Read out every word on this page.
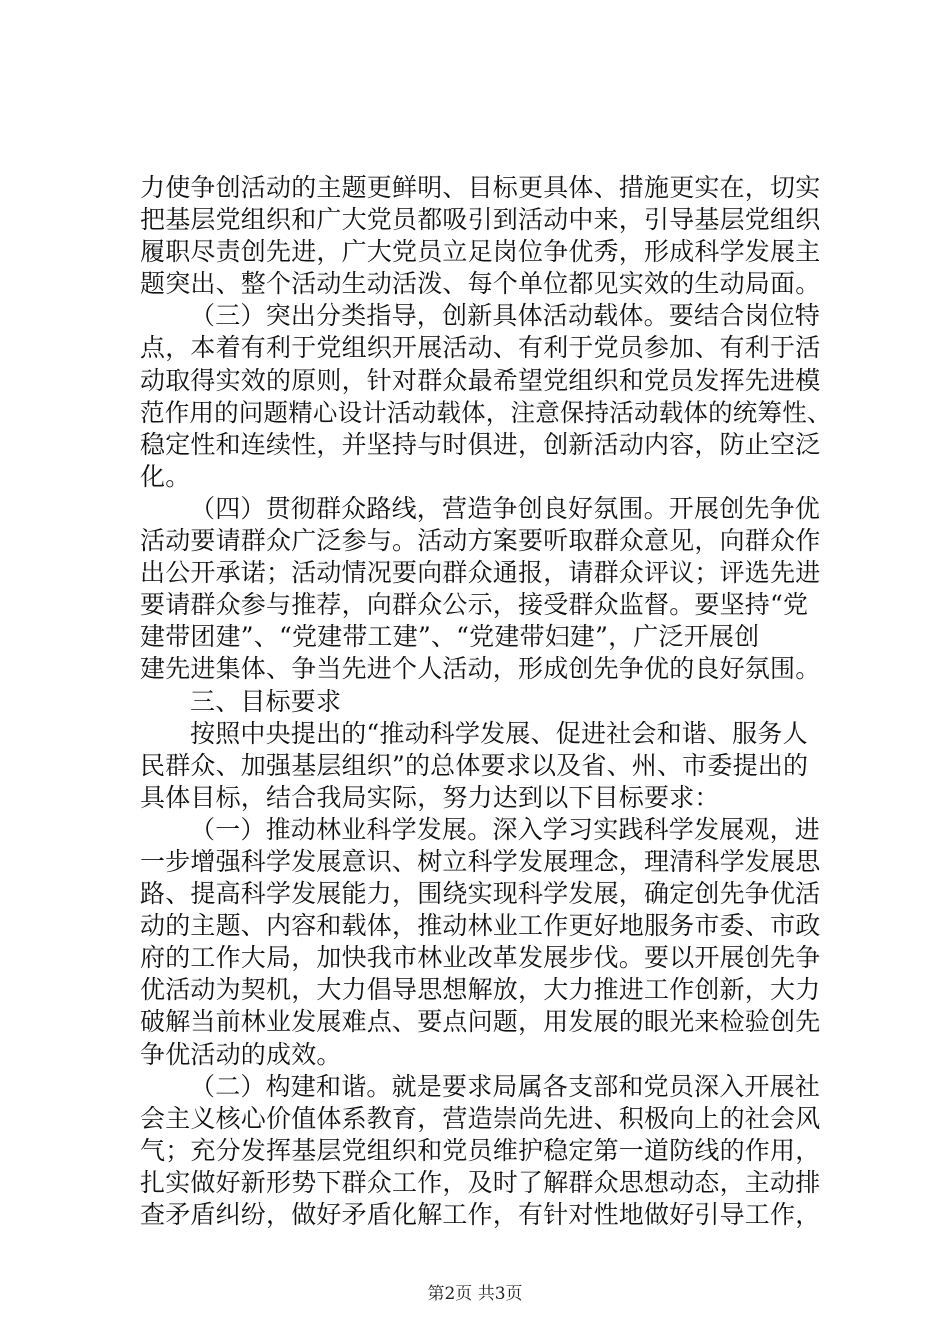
力使争创活动的主题更鲜明、目标更具体、措施更实在，切实
把基层党组织和广大党员都吸引到活动中来，引导基层党组织
履职尽责创先进，广大党员立足岗位争优秀，形成科学发展主
题突出、整个活动生动活泼、每个单位都见实效的生动局面。
（三）突出分类指导，创新具体活动载体。要结合岗位特
点，本着有利于党组织开展活动、有利于党员参加、有利于活
动取得实效的原则，针对群众最希望党组织和党员发挥先进模
范作用的问题精心设计活动载体，注意保持活动载体的统筹性、
稳定性和连续性，并坚持与时俱进，创新活动内容，防止空泛
化。
（四）贯彻群众路线，营造争创良好氛围。开展创先争优
活动要请群众广泛参与。活动方案要听取群众意见，向群众作
出公开承诺；活动情况要向群众通报，请群众评议；评选先进
要请群众参与推荐，向群众公示，接受群众监督。要坚持“党
建带团建”、“党建带工建”、“党建带妇建”，广泛开展创
建先进集体、争当先进个人活动，形成创先争优的良好氛围。
三、目标要求
按照中央提出的“推动科学发展、促进社会和谐、服务人
民群众、加强基层组织”的总体要求以及省、州、市委提出的
具体目标，结合我局实际，努力达到以下目标要求：
（一）推动林业科学发展。深入学习实践科学发展观，进
一步增强科学发展意识、树立科学发展理念，理清科学发展思
路、提高科学发展能力，围绕实现科学发展，确定创先争优活
动的主题、内容和载体，推动林业工作更好地服务市委、市政
府的工作大局，加快我市林业改革发展步伐。要以开展创先争
优活动为契机，大力倡导思想解放，大力推进工作创新，大力
破解当前林业发展难点、要点问题，用发展的眼光来检验创先
争优活动的成效。
（二）构建和谐。就是要求局属各支部和党员深入开展社
会主义核心价值体系教育，营造崇尚先进、积极向上的社会风
气；充分发挥基层党组织和党员维护稳定第一道防线的作用，
扎实做好新形势下群众工作，及时了解群众思想动态，主动排
查矛盾纠纷，做好矛盾化解工作，有针对性地做好引导工作，
第2页 共3页
